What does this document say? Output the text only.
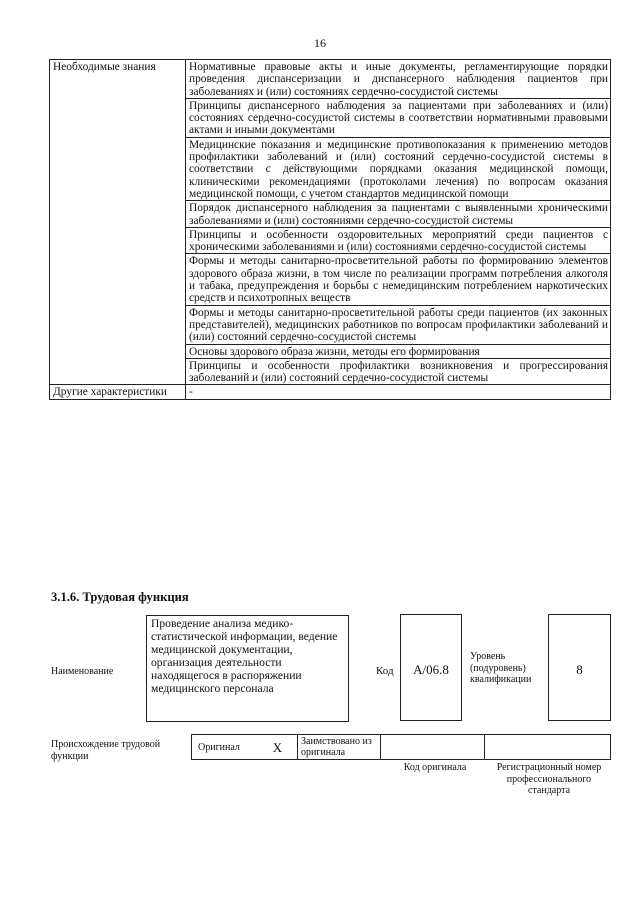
16
Необходимые знания	Нормативные правовые акты и иные документы, регламентирующие порядки проведения диспансеризации и диспансерного наблюдения пациентов при заболеваниях и (или) состояниях сердечно-сосудистой системы
	Принципы диспансерного наблюдения за пациентами при заболеваниях и (или) состояниях сердечно-сосудистой системы в соответствии нормативными правовыми актами и иными документами
	Медицинские показания и медицинские противопоказания к применению методов профилактики заболеваний и (или) состояний сердечно-сосудистой системы в соответствии с действующими порядками оказания медицинской помощи, клиническими рекомендациями (протоколами лечения) по вопросам оказания медицинской помощи, с учетом стандартов медицинской помощи
	Порядок диспансерного наблюдения за пациентами с выявленными хроническими заболеваниями и (или) состояниями сердечно-сосудистой системы
	Принципы и особенности оздоровительных мероприятий среди пациентов с хроническими заболеваниями и (или) состояниями сердечно-сосудистой системы
	Формы и методы санитарно-просветительной работы по формированию элементов здорового образа жизни, в том числе по реализации программ потребления алкоголя и табака, предупреждения и борьбы с немедицинским потреблением наркотических средств и психотропных веществ
	Формы и методы санитарно-просветительной работы среди пациентов (их законных представителей), медицинских работников по вопросам профилактики заболеваний и (или) состояний сердечно-сосудистой системы
	Основы здорового образа жизни, методы его формирования
	Принципы и особенности профилактики возникновения и прогрессирования заболеваний и (или) состояний сердечно-сосудистой системы
Другие характеристики	-
3.1.6. Трудовая функция
Наименование
Проведение анализа медико-статистической информации, ведение медицинской документации, организация деятельности находящегося в распоряжении медицинского персонала
Код	A/06.8
Уровень (подуровень) квалификации
8
Происхождение трудовой функции
Оригинал	X	Заимствовано из оригинала
Код оригинала	Регистрационный номер профессионального стандарта
